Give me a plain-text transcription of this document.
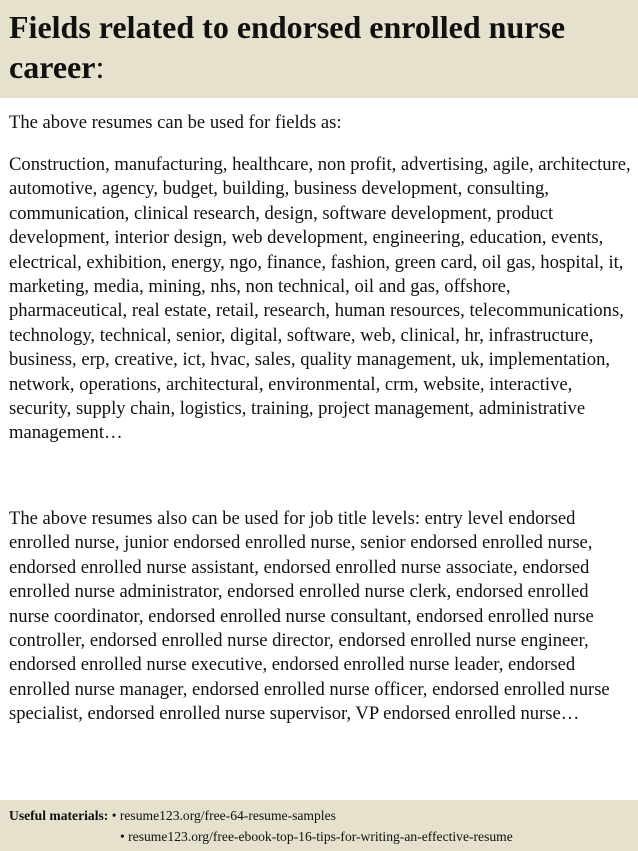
Fields related to endorsed enrolled nurse career:

The above resumes can be used for fields as:

Construction, manufacturing, healthcare, non profit, advertising, agile, architecture, automotive, agency, budget, building, business development, consulting, communication, clinical research, design, software development, product development, interior design, web development, engineering, education, events, electrical, exhibition, energy, ngo, finance, fashion, green card, oil gas, hospital, it, marketing, media, mining, nhs, non technical, oil and gas, offshore, pharmaceutical, real estate, retail, research, human resources, telecommunications, technology, technical, senior, digital, software, web, clinical, hr, infrastructure, business, erp, creative, ict, hvac, sales, quality management, uk, implementation, network, operations, architectural, environmental, crm, website, interactive, security, supply chain, logistics, training, project management, administrative management…

The above resumes also can be used for job title levels: entry level endorsed enrolled nurse, junior endorsed enrolled nurse, senior endorsed enrolled nurse, endorsed enrolled nurse assistant, endorsed enrolled nurse associate, endorsed enrolled nurse administrator, endorsed enrolled nurse clerk, endorsed enrolled nurse coordinator, endorsed enrolled nurse consultant, endorsed enrolled nurse controller, endorsed enrolled nurse director, endorsed enrolled nurse engineer, endorsed enrolled nurse executive, endorsed enrolled nurse leader, endorsed enrolled nurse manager, endorsed enrolled nurse officer, endorsed enrolled nurse specialist, endorsed enrolled nurse supervisor, VP endorsed enrolled nurse…

Useful materials: • resume123.org/free-64-resume-samples
• resume123.org/free-ebook-top-16-tips-for-writing-an-effective-resume
